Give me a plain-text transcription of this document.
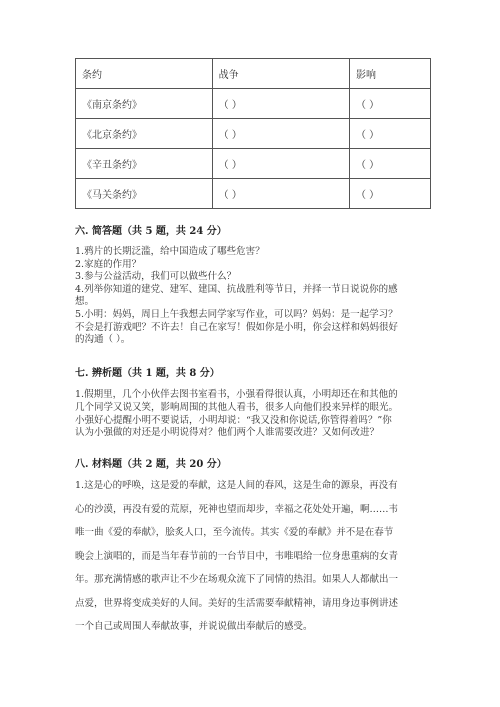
条约	战争	影响
《南京条约》	（ ）	（ ）
《北京条约》	（ ）	（ ）
《辛丑条约》	（ ）	（ ）
《马关条约》	（ ）	（ ）
六. 简答题（共 5 题，共 24 分）

1.鸦片的长期泛滥，给中国造成了哪些危害？

2.家庭的作用？

3.参与公益活动，我们可以做些什么？

4.列举你知道的建党、建军、建国、抗战胜利等节日，并择一节日说说你的感

想。

5.小明：妈妈，周日上午我想去同学家写作业，可以吗？妈妈：是一起学习？

不会是打游戏吧？不许去！自己在家写！假如你是小明，你会这样和妈妈很好

的沟通（ ）。

七. 辨析题（共 1 题，共 8 分）

1.假期里，几个小伙伴去图书室看书，小强看得很认真，小明却还在和其他的

几个同学又说又笑，影响周围的其他人看书，很多人向他们投来异样的眼光。

小强好心提醒小明不要说话，小明却说：“我又没和你说话,你管得着吗？”你

认为小强做的对还是小明说得对？他们两个人谁需要改进？又如何改进？

八. 材料题（共 2 题，共 20 分）

1.这是心的呼唤，这是爱的奉献，这是人间的春风，这是生命的源泉，再没有

心的沙漠，再没有爱的荒原，死神也望而却步，幸福之花处处开遍，啊……韦

唯一曲《爱的奉献》，脍炙人口，至今流传。其实《爱的奉献》并不是在春节

晚会上演唱的，而是当年春节前的一台节目中，韦唯唱给一位身患重病的女青

年。那充满情感的歌声让不少在场观众流下了同情的热泪。如果人人都献出一

点爱，世界将变成美好的人间。美好的生活需要奉献精神，请用身边事例讲述

一个自己或周围人奉献故事，并说说做出奉献后的感受。
